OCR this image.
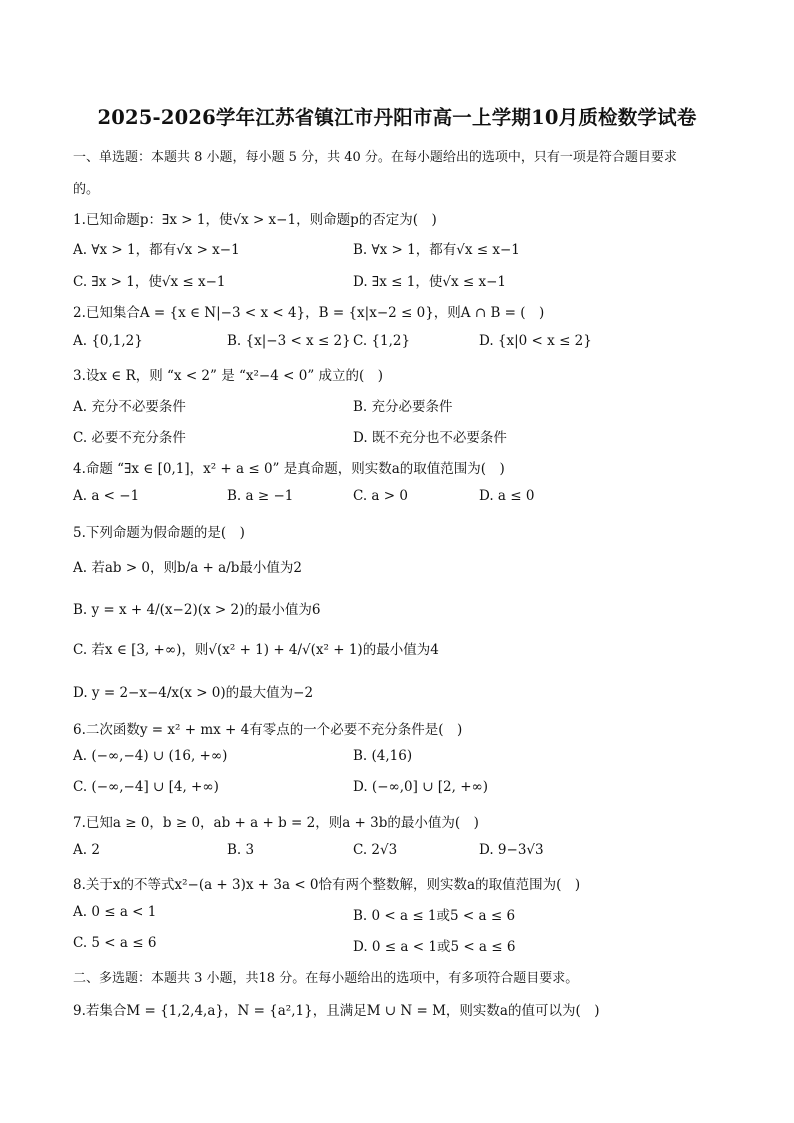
2025-2026学年江苏省镇江市丹阳市高一上学期10月质检数学试卷
一、单选题：本题共 8 小题，每小题 5 分，共 40 分。在每小题给出的选项中，只有一项是符合题目要求
的。
1.已知命题p：∃x > 1，使√x > x−1，则命题p的否定为(　)
A. ∀x > 1，都有√x > x−1	B. ∀x > 1，都有√x ≤ x−1
C. ∃x > 1，使√x ≤ x−1	D. ∃x ≤ 1，使√x ≤ x−1
2.已知集合A = {x ∈ N|−3 < x < 4}，B = {x|x−2 ≤ 0}，则A ∩ B = (　)
A. {0,1,2}	B. {x|−3 < x ≤ 2} C. {1,2}	D. {x|0 < x ≤ 2}
3.设x ∈ R，则 “x < 2” 是 “x²−4 < 0” 成立的(　)
A. 充分不必要条件	B. 充分必要条件
C. 必要不充分条件	D. 既不充分也不必要条件
4.命题 “∃x ∈ [0,1]，x² + a ≤ 0” 是真命题，则实数a的取值范围为(　)
A. a < −1	B. a ≥ −1	C. a > 0	D. a ≤ 0
5.下列命题为假命题的是(　)
A. 若ab > 0，则b/a + a/b最小值为2
B. y = x + 4/(x−2)(x > 2)的最小值为6
C. 若x ∈ [3, +∞)，则√(x² + 1) + 4/√(x² + 1)的最小值为4
D. y = 2−x−4/x(x > 0)的最大值为−2
6.二次函数y = x² + mx + 4有零点的一个必要不充分条件是(　)
A. (−∞,−4) ∪ (16, +∞)	B. (4,16)
C. (−∞,−4] ∪ [4, +∞)	D. (−∞,0] ∪ [2, +∞)
7.已知a ≥ 0，b ≥ 0，ab + a + b = 2，则a + 3b的最小值为(　)
A. 2	B. 3	C. 2√3	D. 9−3√3
8.关于x的不等式x²−(a + 3)x + 3a < 0恰有两个整数解，则实数a的取值范围为(　)
A. 0 ≤ a < 1	B. 0 < a ≤ 1或5 < a ≤ 6
C. 5 < a ≤ 6	D. 0 ≤ a < 1或5 < a ≤ 6
二、多选题：本题共 3 小题，共18 分。在每小题给出的选项中，有多项符合题目要求。
9.若集合M = {1,2,4,a}，N = {a²,1}，且满足M ∪ N = M，则实数a的值可以为(　)
